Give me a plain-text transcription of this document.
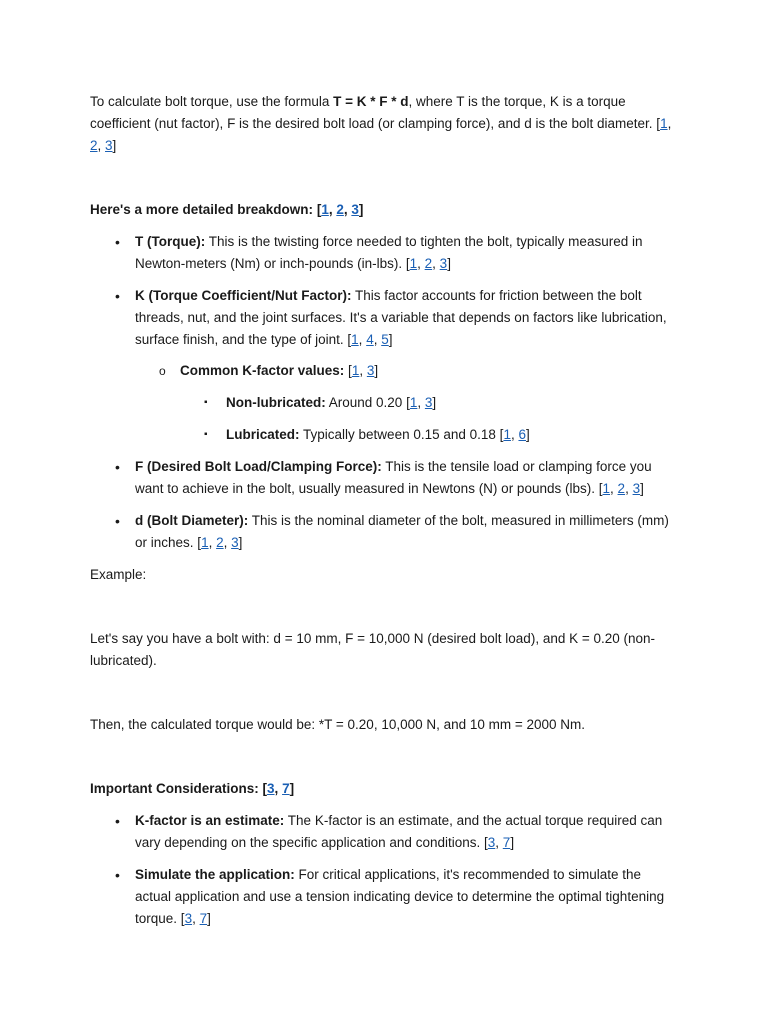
To calculate bolt torque, use the formula T = K * F * d, where T is the torque, K is a torque coefficient (nut factor), F is the desired bolt load (or clamping force), and d is the bolt diameter. [1, 2, 3]

Here's a more detailed breakdown: [1, 2, 3]

• T (Torque): This is the twisting force needed to tighten the bolt, typically measured in Newton-meters (Nm) or inch-pounds (in-lbs). [1, 2, 3]

• K (Torque Coefficient/Nut Factor): This factor accounts for friction between the bolt threads, nut, and the joint surfaces. It's a variable that depends on factors like lubrication, surface finish, and the type of joint. [1, 4, 5]

o Common K-factor values: [1, 3]

▪ Non-lubricated: Around 0.20 [1, 3]

▪ Lubricated: Typically between 0.15 and 0.18 [1, 6]

• F (Desired Bolt Load/Clamping Force): This is the tensile load or clamping force you want to achieve in the bolt, usually measured in Newtons (N) or pounds (lbs). [1, 2, 3]

• d (Bolt Diameter): This is the nominal diameter of the bolt, measured in millimeters (mm) or inches. [1, 2, 3]

Example:

Let's say you have a bolt with: d = 10 mm, F = 10,000 N (desired bolt load), and K = 0.20 (non-lubricated).

Then, the calculated torque would be: *T = 0.20, 10,000 N, and 10 mm = 2000 Nm.

Important Considerations: [3, 7]

• K-factor is an estimate: The K-factor is an estimate, and the actual torque required can vary depending on the specific application and conditions. [3, 7]

• Simulate the application: For critical applications, it's recommended to simulate the actual application and use a tension indicating device to determine the optimal tightening torque. [3, 7]
